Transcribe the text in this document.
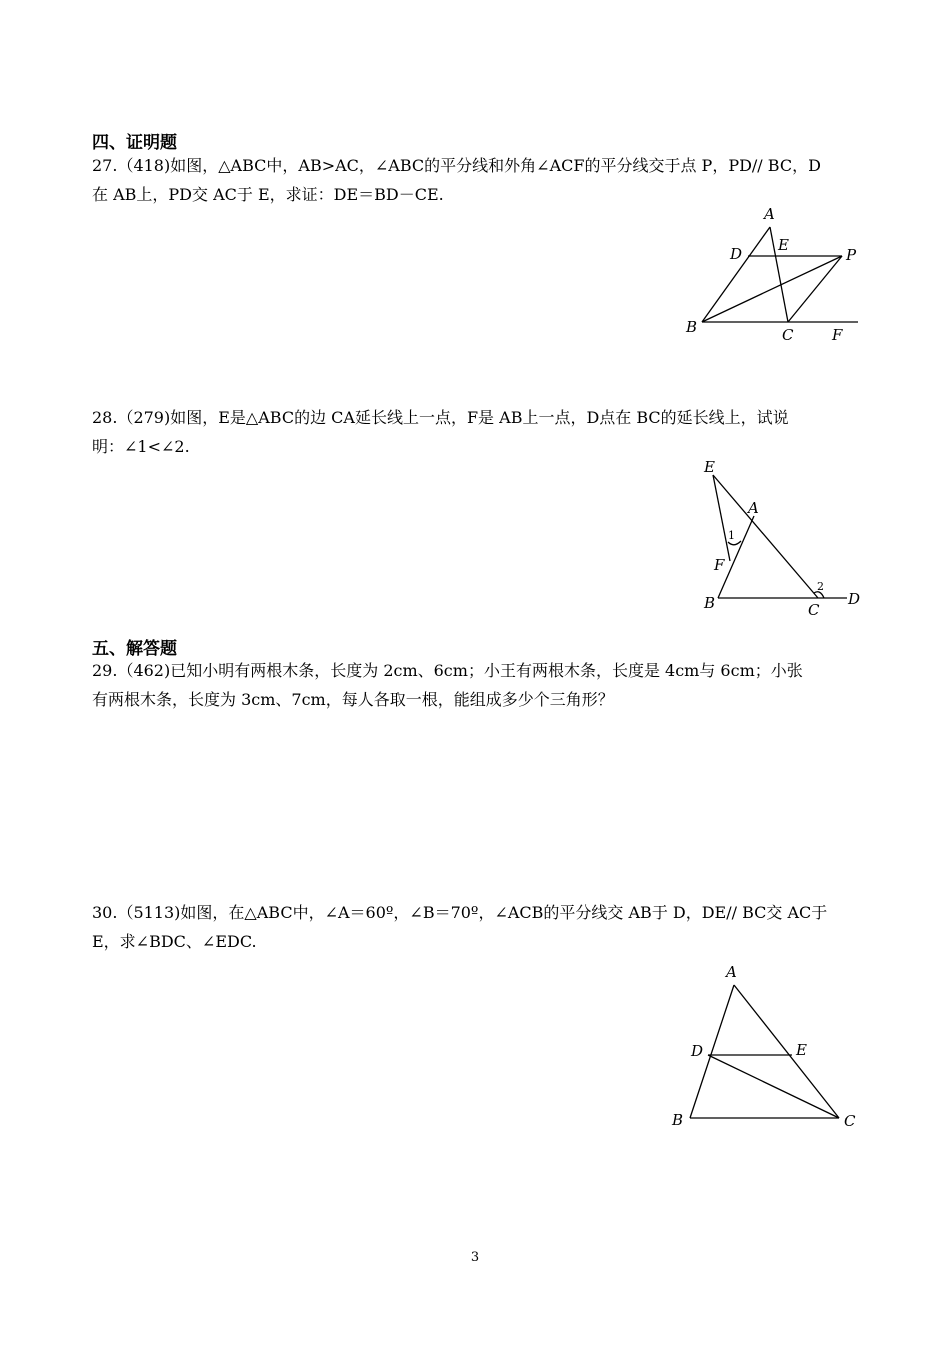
四、证明题
27.（418)如图，△ABC中，AB>AC，∠ABC的平分线和外角∠ACF的平分线交于点 P，PD// BC，D
在 AB上，PD交 AC于 E，求证：DE＝BD－CE.
A
D E
P
B	C	F
28.（279)如图，E是△ABC的边 CA延长线上一点，F是 AB上一点，D点在 BC的延长线上，试说
明：∠1<∠2.
E
A
1
F
B
2
C
D
五、解答题
29.（462)已知小明有两根木条，长度为 2cm、6cm；小王有两根木条，长度是 4cm与 6cm；小张
有两根木条，长度为 3cm、7cm，每人各取一根，能组成多少个三角形？
30.（5113)如图，在△ABC中，∠A＝60º，∠B＝70º，∠ACB的平分线交 AB于 D，DE// BC交 AC于
E，求∠BDC、∠EDC.
A
D	E
B	C
3
